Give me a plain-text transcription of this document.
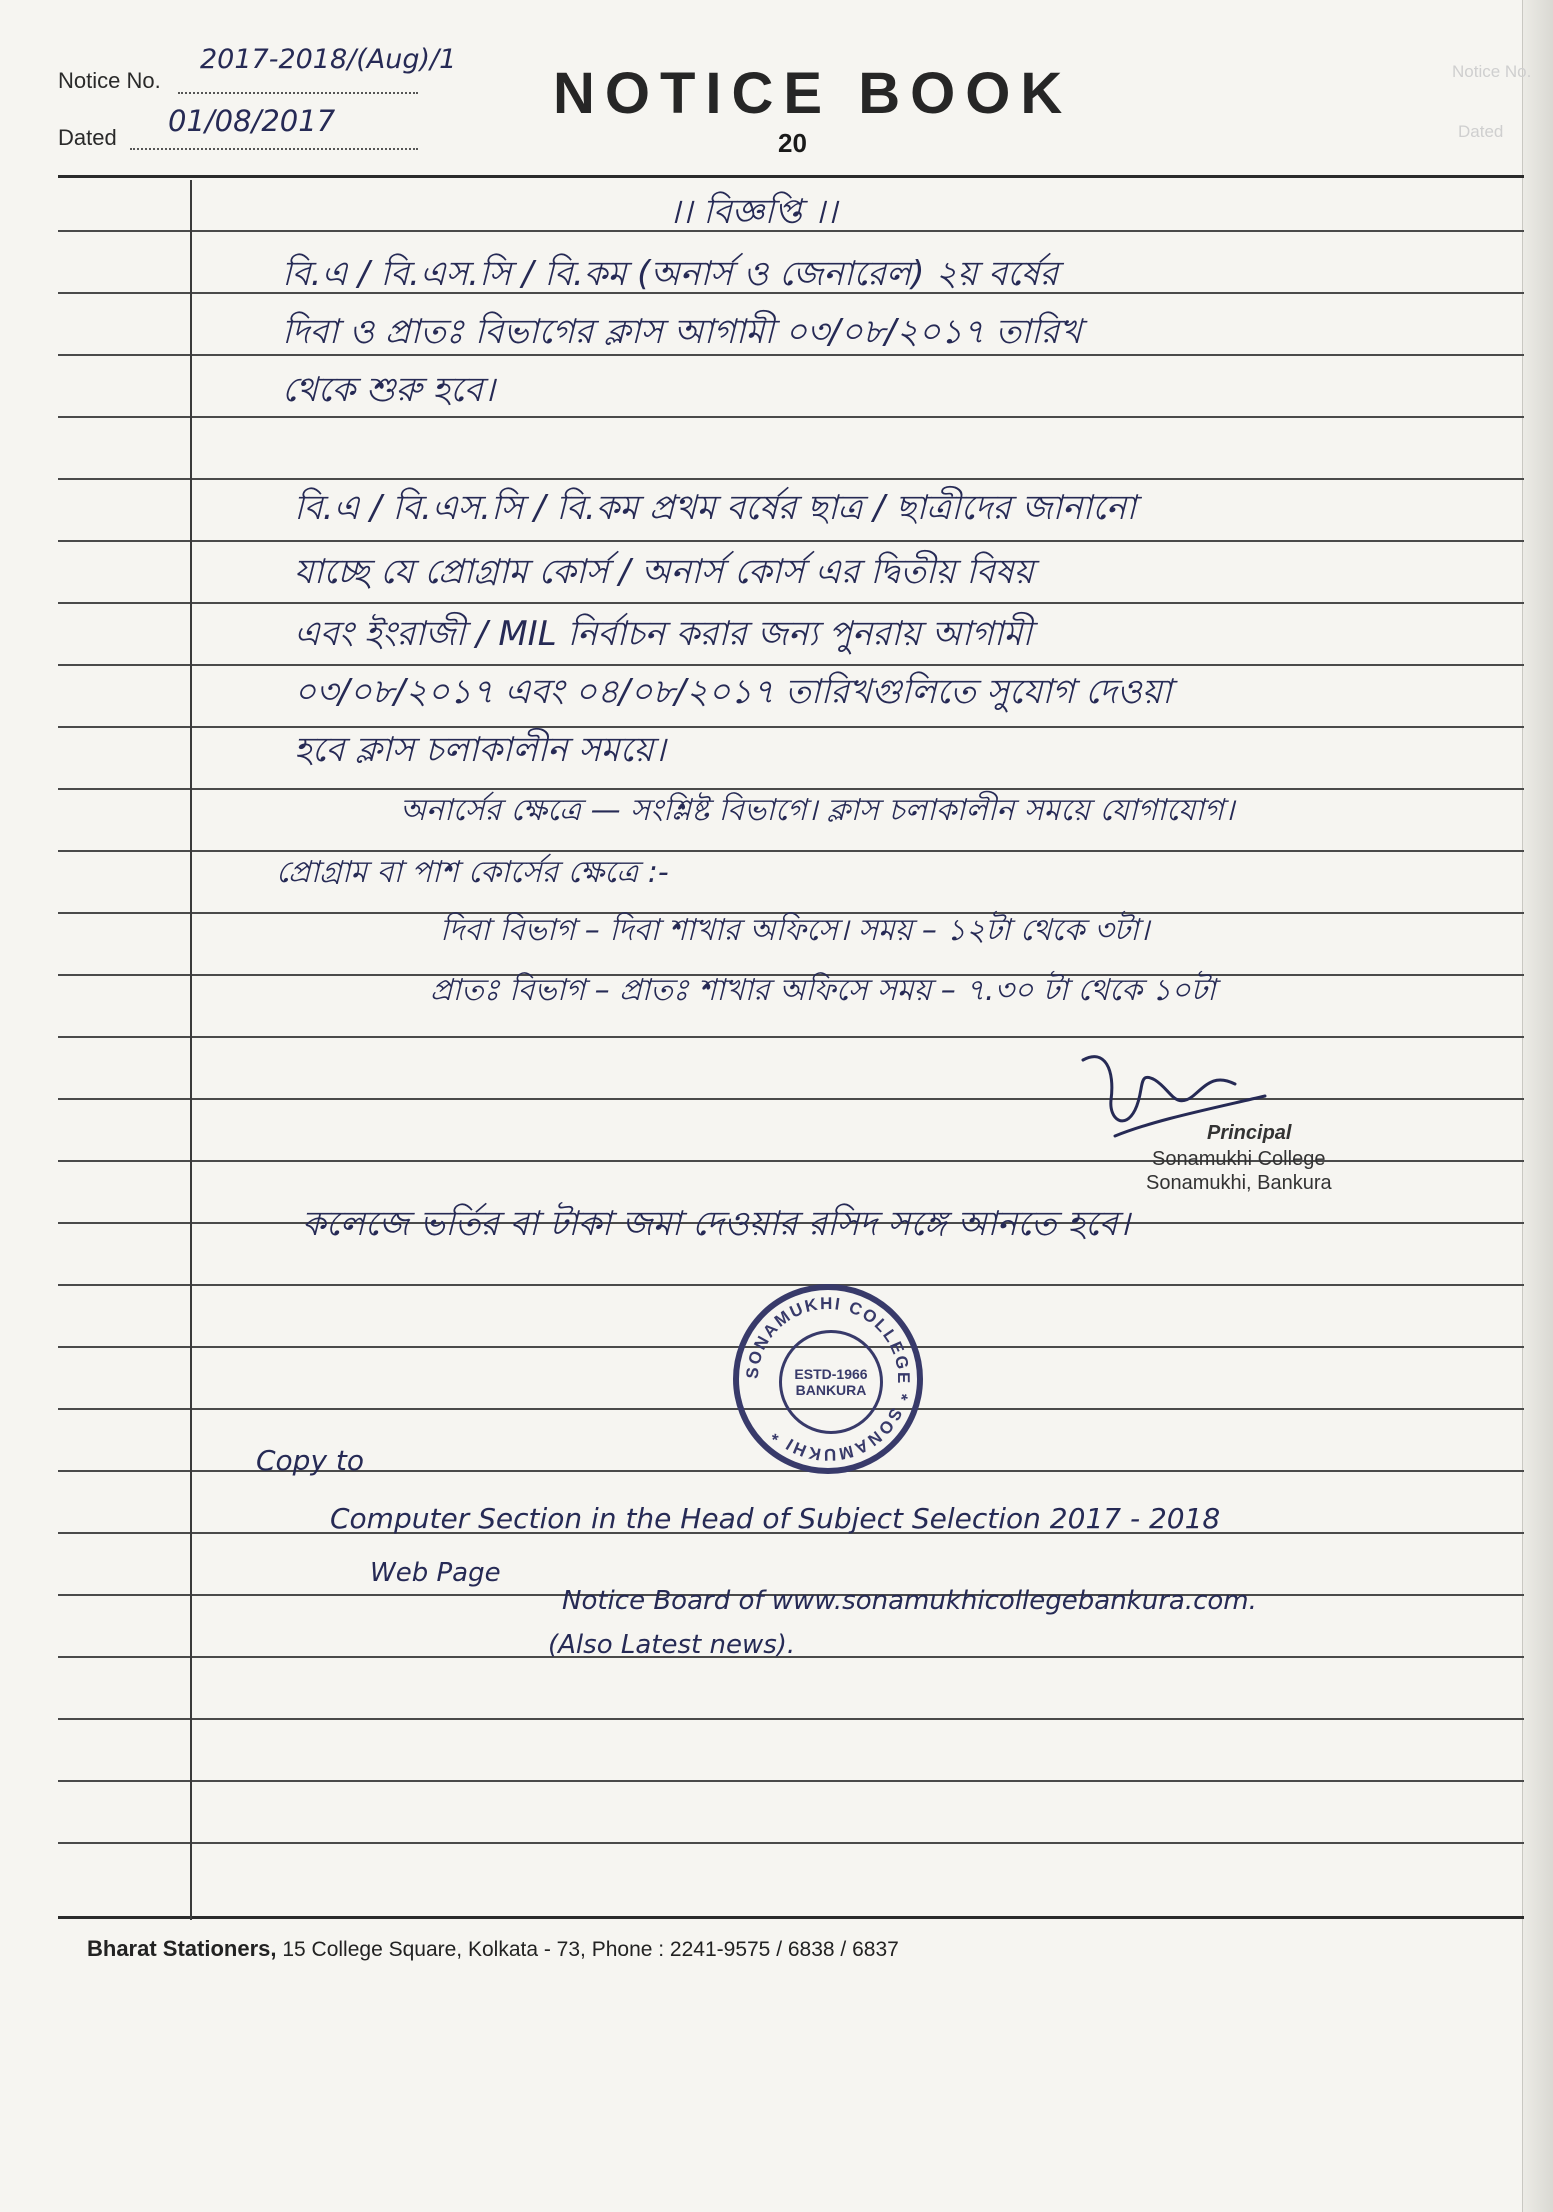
Notice No.
Dated
Notice No.
2017-2018/(Aug)/1
Dated 01/08/2017	NOTICE BOOK
20
।। বিজ্ঞপ্তি ।।
বি.এ / বি.এস.সি / বি.কম (অনার্স ও জেনারেল) ২য় বর্ষের
দিবা ও প্রাতঃ বিভাগের ক্লাস আগামী ০৩/০৮/২০১৭ তারিখ
থেকে শুরু হবে।
বি.এ / বি.এস.সি / বি.কম প্রথম বর্ষের ছাত্র / ছাত্রীদের জানানো
যাচ্ছে যে প্রোগ্রাম কোর্স / অনার্স কোর্স এর দ্বিতীয় বিষয়
এবং ইংরাজী / MIL নির্বাচন করার জন্য পুনরায় আগামী
০৩/০৮/২০১৭ এবং ০৪/০৮/২০১৭ তারিখগুলিতে সুযোগ দেওয়া
হবে ক্লাস চলাকালীন সময়ে।
অনার্সের ক্ষেত্রে — সংশ্লিষ্ট বিভাগে। ক্লাস চলাকালীন সময়ে যোগাযোগ।
প্রোগ্রাম বা পাশ কোর্সের ক্ষেত্রে :-
দিবা বিভাগ – দিবা শাখার অফিসে। সময় – ১২টা থেকে ৩টা।
প্রাতঃ বিভাগ – প্রাতঃ শাখার অফিসে সময় – ৭.৩০ টা থেকে ১০টা
Principal
Sonamukhi College
Sonamukhi, Bankura
কলেজে ভর্তির বা টাকা জমা দেওয়ার রসিদ সঙ্গে আনতে হবে।
SONAMUKHI COLLEGE * SONAMUKHI *
ESTD-1966
BANKURA
Copy to
Computer Section in the Head of Subject Selection 2017 - 2018
Web Page
Notice Board of www.sonamukhicollegebankura.com.
(Also Latest news).
Bharat Stationers, 15 College Square, Kolkata - 73, Phone : 2241-9575 / 6838 / 6837
